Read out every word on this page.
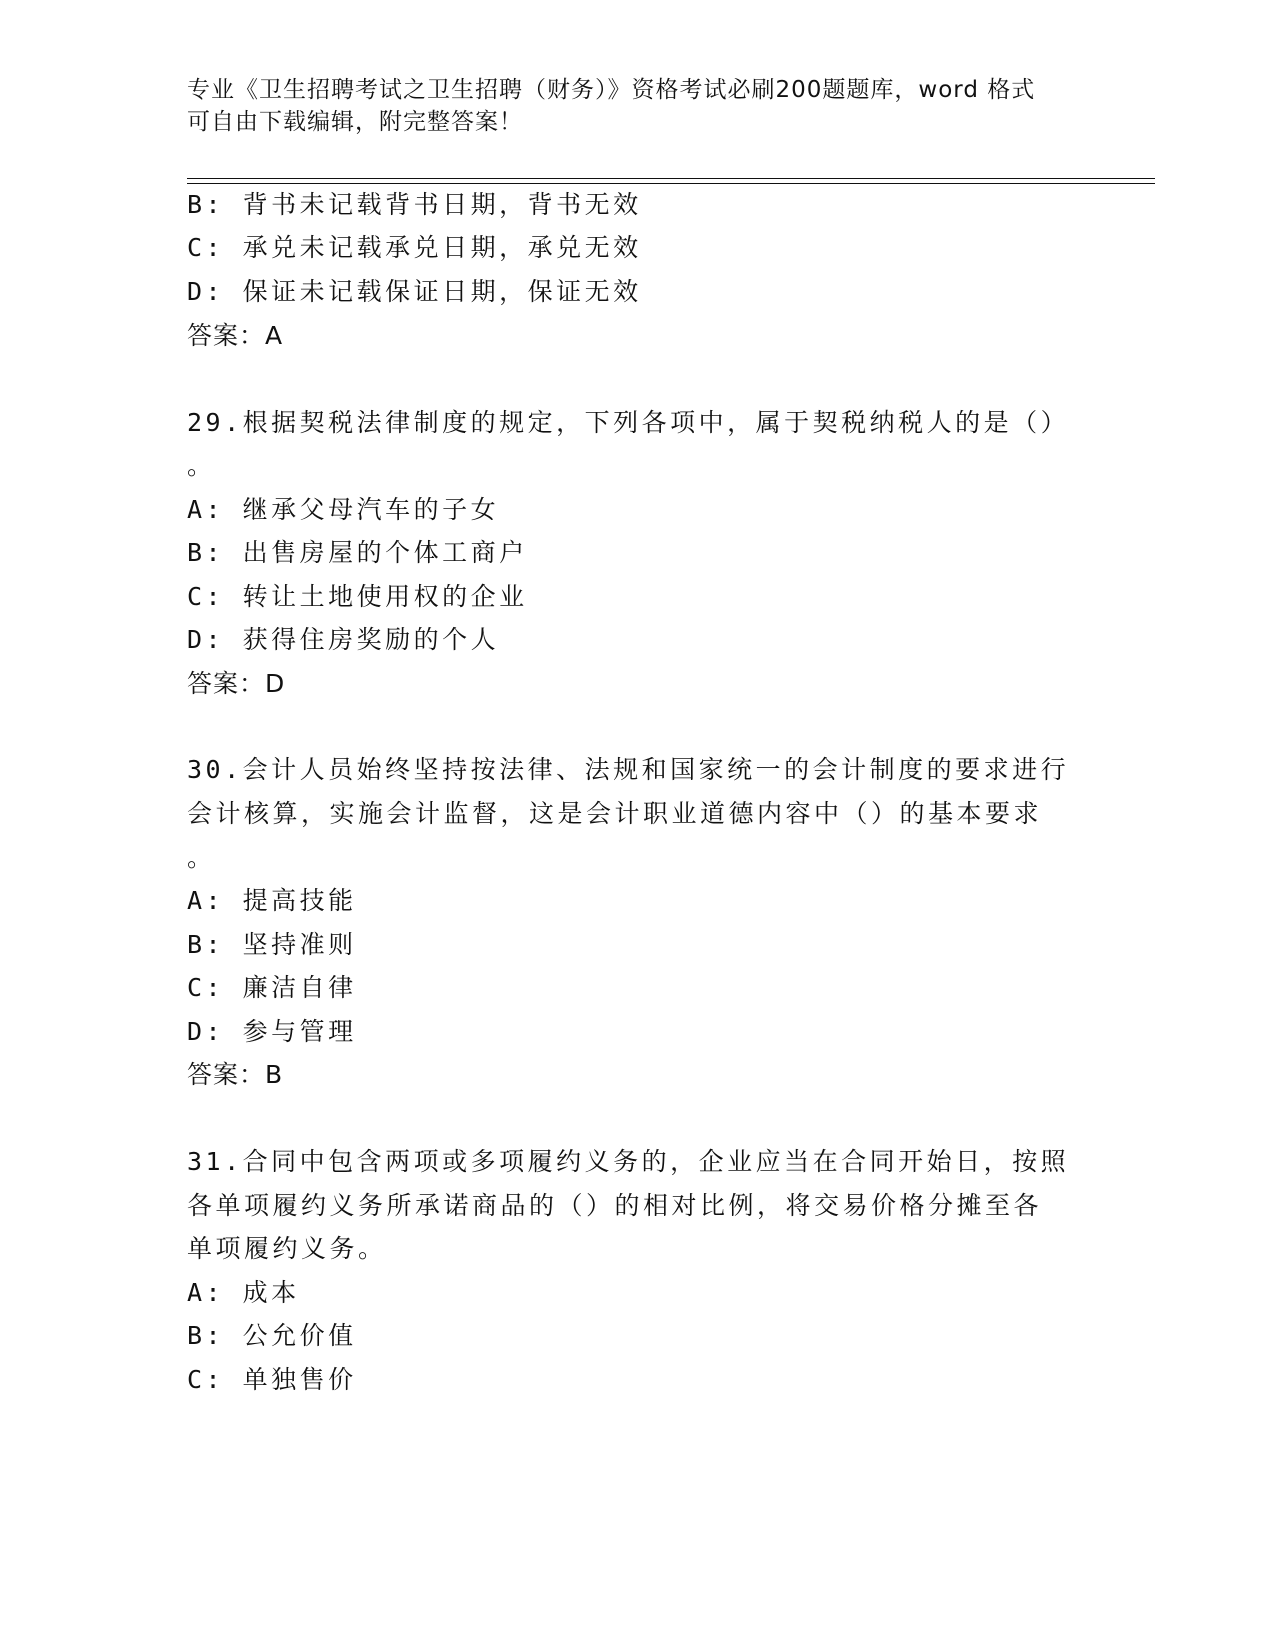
专业《卫生招聘考试之卫生招聘（财务）》资格考试必刷200题题库，word 格式
可自由下载编辑，附完整答案！
B: 背书未记载背书日期，背书无效
C: 承兑未记载承兑日期，承兑无效
D: 保证未记载保证日期，保证无效
答案：A
29.根据契税法律制度的规定，下列各项中，属于契税纳税人的是（）
。
A: 继承父母汽车的子女
B: 出售房屋的个体工商户
C: 转让土地使用权的企业
D: 获得住房奖励的个人
答案：D
30.会计人员始终坚持按法律、法规和国家统一的会计制度的要求进行
会计核算，实施会计监督，这是会计职业道德内容中（）的基本要求
。
A: 提高技能
B: 坚持准则
C: 廉洁自律
D: 参与管理
答案：B
31.合同中包含两项或多项履约义务的，企业应当在合同开始日，按照
各单项履约义务所承诺商品的（）的相对比例，将交易价格分摊至各
单项履约义务。
A: 成本
B: 公允价值
C: 单独售价
